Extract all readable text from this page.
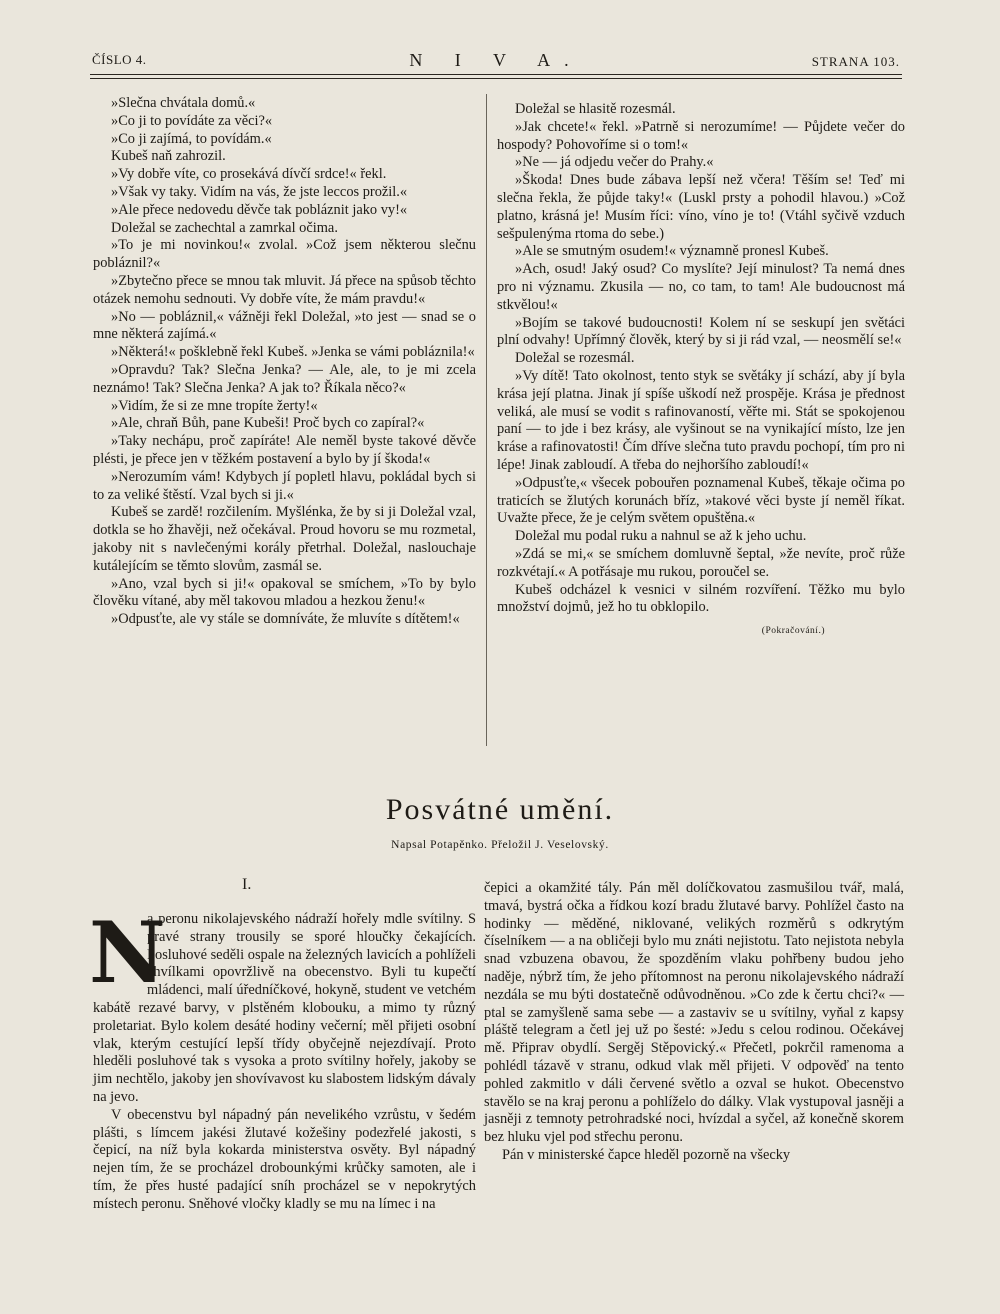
ČÍSLO 4.	N I V A.	STRANA 103.

»Slečna chvátala domů.«

»Co ji to povídáte za věci?«

»Co ji zajímá, to povídám.«

Kubeš naň zahrozil.

»Vy dobře víte, co prosekává dívčí srdce!« řekl.

»Však vy taky. Vidím na vás, že jste leccos prožil.«

»Ale přece nedovedu děvče tak pobláznit jako vy!«

Doležal se zachechtal a zamrkal očima.

»To je mi novinkou!« zvolal. »Což jsem některou slečnu pobláznil?«

»Zbytečno přece se mnou tak mluvit. Já přece na spůsob těchto otázek nemohu sednouti. Vy dobře víte, že mám pravdu!«

»No — pobláznil,« vážněji řekl Doležal, »to jest — snad se o mne některá zajímá.«

»Některá!« pošklebně řekl Kubeš. »Jenka se vámi pobláznila!«

»Opravdu? Tak? Slečna Jenka? — Ale, ale, to je mi zcela neznámo! Tak? Slečna Jenka? A jak to? Říkala něco?«

»Vidím, že si ze mne tropíte žerty!«

»Ale, chraň Bůh, pane Kubeši! Proč bych co zapíral?«

»Taky nechápu, proč zapíráte! Ale neměl byste takové děvče plésti, je přece jen v těžkém postavení a bylo by jí škoda!«

»Nerozumím vám! Kdybych jí popletl hlavu, pokládal bych si to za veliké štěstí. Vzal bych si ji.«

Kubeš se zardě! rozčilením. Myšlénka, že by si ji Doležal vzal, dotkla se ho žhavěji, než očekával. Proud hovoru se mu rozmetal, jakoby nit s navlečenými korály přetrhal. Doležal, naslouchaje kutálejícím se těmto slovům, zasmál se.

»Ano, vzal bych si ji!« opakoval se smíchem, »To by bylo člověku vítané, aby měl takovou mladou a hezkou ženu!«

»Odpusťte, ale vy stále se domníváte, že mluvíte s dítětem!«

Doležal se hlasitě rozesmál.

»Jak chcete!« řekl. »Patrně si nerozumíme! — Půjdete večer do hospody? Pohovoříme si o tom!«

»Ne — já odjedu večer do Prahy.«

»Škoda! Dnes bude zábava lepší než včera! Těším se! Teď mi slečna řekla, že půjde taky!« (Luskl prsty a pohodil hlavou.) »Což platno, krásná je! Musím říci: víno, víno je to! (Vtáhl syčivě vzduch sešpulenýma rtoma do sebe.)

»Ale se smutným osudem!« významně pronesl Kubeš.

»Ach, osud! Jaký osud? Co myslíte? Její minulost? Ta nemá dnes pro ni významu. Zkusila — no, co tam, to tam! Ale budoucnost má stkvělou!«

»Bojím se takové budoucnosti! Kolem ní se seskupí jen světáci plní odvahy! Upřímný člověk, který by si ji rád vzal, — neosmělí se!«

Doležal se rozesmál.

»Vy dítě! Tato okolnost, tento styk se světáky jí schází, aby jí byla krása její platna. Jinak jí spíše uškodí než prospěje. Krása je přednost veliká, ale musí se vodit s rafinovaností, věřte mi. Stát se spokojenou paní — to jde i bez krásy, ale vyšinout se na vynikající místo, lze jen kráse a rafinovatosti! Čím dříve slečna tuto pravdu pochopí, tím pro ni lépe! Jinak zabloudí. A třeba do nejhoršího zabloudí!«

»Odpusťte,« všecek pobouřen poznamenal Kubeš, těkaje očima po traticích se žlutých korunách bříz, »takové věci byste jí neměl říkat. Uvažte přece, že je celým světem opuštěna.«

Doležal mu podal ruku a nahnul se až k jeho uchu.

»Zdá se mi,« se smíchem domluvně šeptal, »že nevíte, proč růže rozkvétají.« A potřásaje mu rukou, poroučel se.

Kubeš odcházel k vesnici v silném rozvíření. Těžko mu bylo množství dojmů, jež ho tu obklopilo.

(Pokračování.)
Posvátné umění.
Napsal Potapěnko. Přeložil J. Veselovský.
I.
N

a peronu nikolajevského nádraží hořely mdle svítilny. S pravé strany trousily se sporé hloučky čekajících. Posluhové seděli ospale na železných lavicích a pohlíželi chvílkami opovržlivě na obecenstvo. Byli tu kupečtí mládenci, malí úředníčkové, hokyně, student ve vetchém kabátě rezavé barvy, v plstěném klobouku, a mimo ty různý proletariat. Bylo kolem desáté hodiny večerní; měl přijeti osobní vlak, kterým cestující lepší třídy obyčejně nejezdívají. Proto hleděli posluhové tak s vysoka a proto svítilny hořely, jakoby se jim nechtělo, jakoby jen shovívavost ku slabostem lidským dávaly na jevo.

V obecenstvu byl nápadný pán nevelikého vzrůstu, v šedém plášti, s límcem jakési žlutavé kožešiny podezřelé jakosti, s čepicí, na níž byla kokarda ministerstva osvěty. Byl nápadný nejen tím, že se procházel drobounkými krůčky samoten, ale i tím, že přes husté padající sníh procházel se v nepokrytých místech peronu. Sněhové vločky kladly se mu na límec i na

čepici a okamžité tály. Pán měl dolíčkovatou zasmušilou tvář, malá, tmavá, bystrá očka a řídkou kozí bradu žlutavé barvy. Pohlížel často na hodinky — měděné, niklované, velikých rozměrů s odkrytým číselníkem — a na obličeji bylo mu znáti nejistotu. Tato nejistota nebyla snad vzbuzena obavou, že spozděním vlaku pohřbeny budou jeho naděje, nýbrž tím, že jeho přítomnost na peronu nikolajevského nádraží nezdála se mu býti dostatečně odůvodněnou. »Co zde k čertu chci?« — ptal se zamyšleně sama sebe — a zastaviv se u svítilny, vyňal z kapsy pláště telegram a četl jej už po šesté: »Jedu s celou rodinou. Očekávej mě. Připrav obydlí. Sergěj Stěpovický.« Přečetl, pokrčil ramenoma a pohlédl tázavě v stranu, odkud vlak měl přijeti. V odpověď na tento pohled zakmitlo v dáli červené světlo a ozval se hukot. Obecenstvo stavělo se na kraj peronu a pohlíželo do dálky. Vlak vystupoval jasněji a jasněji z temnoty petrohradské noci, hvízdal a syčel, až konečně skorem bez hluku vjel pod střechu peronu.

Pán v ministerské čapce hleděl pozorně na všecky
